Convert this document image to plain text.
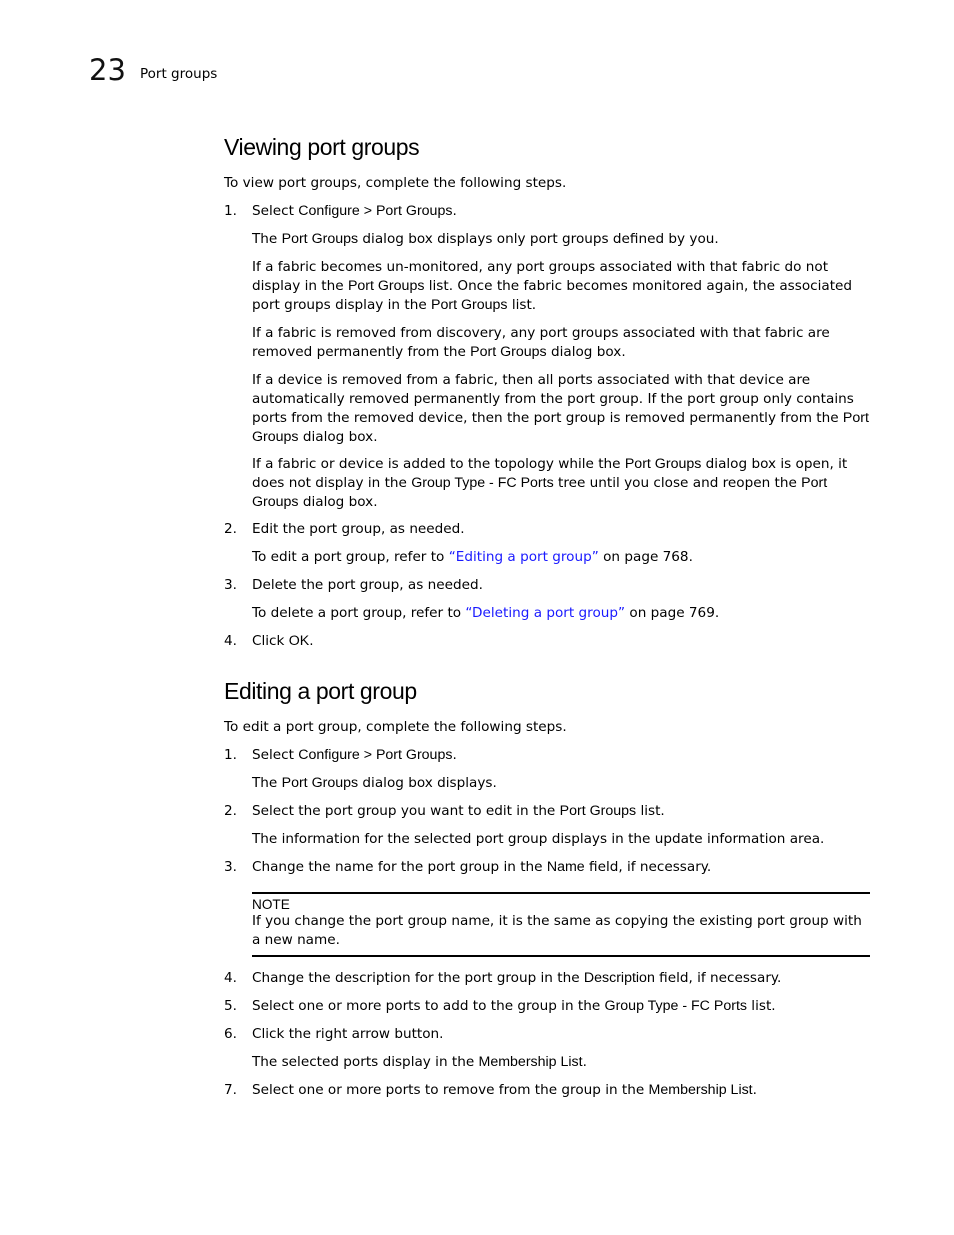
23 Port groups
Viewing port groups

To view port groups, complete the following steps.

1. Select Configure > Port Groups.

The Port Groups dialog box displays only port groups defined by you.

If a fabric becomes un-monitored, any port groups associated with that fabric do not display in the Port Groups list. Once the fabric becomes monitored again, the associated port groups display in the Port Groups list.

If a fabric is removed from discovery, any port groups associated with that fabric are removed permanently from the Port Groups dialog box.

If a device is removed from a fabric, then all ports associated with that device are automatically removed permanently from the port group. If the port group only contains ports from the removed device, then the port group is removed permanently from the Port Groups dialog box.

If a fabric or device is added to the topology while the Port Groups dialog box is open, it does not display in the Group Type - FC Ports tree until you close and reopen the Port Groups dialog box.

2. Edit the port group, as needed.

To edit a port group, refer to “Editing a port group” on page 768.

3. Delete the port group, as needed.

To delete a port group, refer to “Deleting a port group” on page 769.

4. Click OK.

Editing a port group

To edit a port group, complete the following steps.

1. Select Configure > Port Groups.

The Port Groups dialog box displays.

2. Select the port group you want to edit in the Port Groups list.

The information for the selected port group displays in the update information area.

3. Change the name for the port group in the Name field, if necessary.

NOTE

If you change the port group name, it is the same as copying the existing port group with a new name.

4. Change the description for the port group in the Description field, if necessary.

5. Select one or more ports to add to the group in the Group Type - FC Ports list.

6. Click the right arrow button.

The selected ports display in the Membership List.

7. Select one or more ports to remove from the group in the Membership List.
